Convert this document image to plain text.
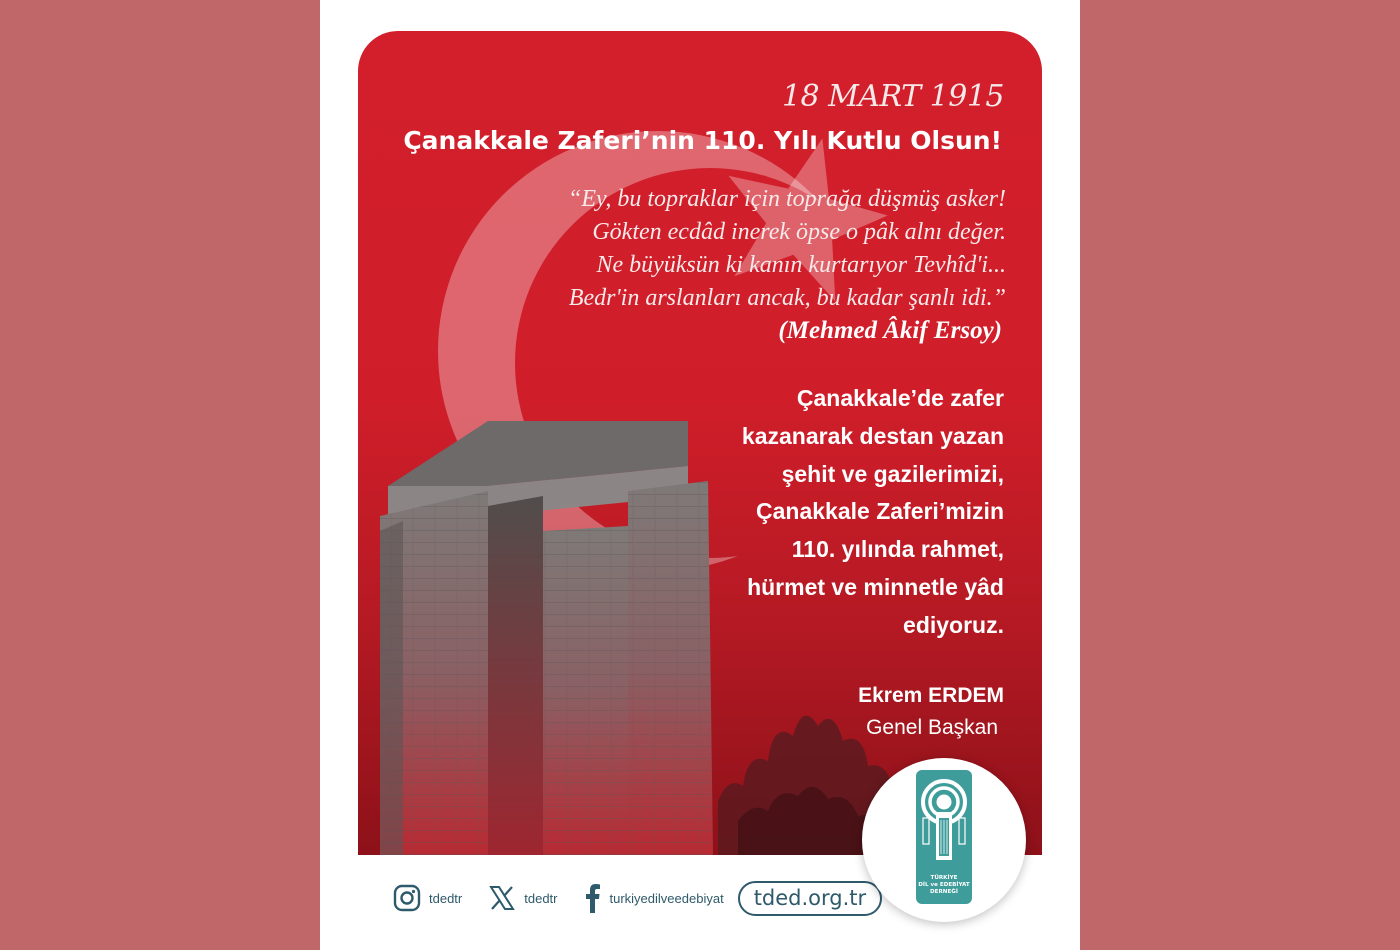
18 MART 1915
Çanakkale Zaferi’nin 110. Yılı Kutlu Olsun!
“Ey, bu topraklar için toprağa düşmüş asker!
Gökten ecdâd inerek öpse o pâk alnı değer.
Ne büyüksün ki kanın kurtarıyor Tevhîd'i...
Bedr'in arslanları ancak, bu kadar şanlı idi.”
(Mehmed Âkif Ersoy)
Çanakkale’de zafer
kazanarak destan yazan
şehit ve gazilerimizi,
Çanakkale Zaferi’mizin
110. yılında rahmet,
hürmet ve minnetle yâd
ediyoruz.
Ekrem ERDEM
Genel Başkan
tdedtr	tdedtr	turkiyedilveedebiyat	tded.org.tr
TÜRKİYE
DİL ve EDEBİYAT
DERNEĞİ
